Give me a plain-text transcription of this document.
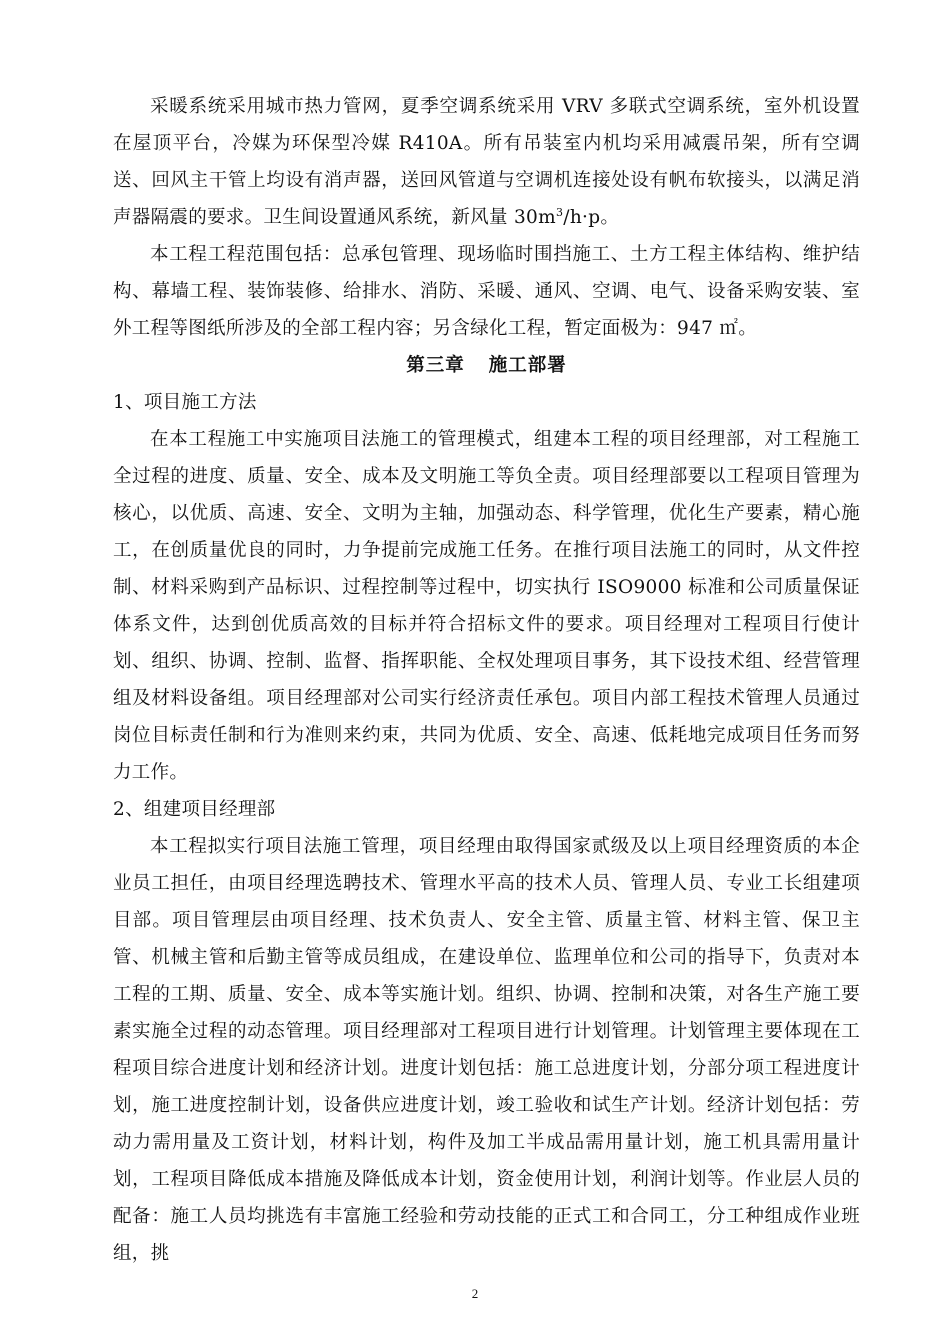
采暖系统采用城市热力管网，夏季空调系统采用 VRV 多联式空调系统，室外机设置在屋顶平台，冷媒为环保型冷媒 R410A。所有吊装室内机均采用减震吊架，所有空调送、回风主干管上均设有消声器，送回风管道与空调机连接处设有帆布软接头，以满足消声器隔震的要求。卫生间设置通风系统，新风量 $30m^3/h\cdot p$。

本工程工程范围包括：总承包管理、现场临时围挡施工、土方工程主体结构、维护结构、幕墙工程、装饰装修、给排水、消防、采暖、通风、空调、电气、设备采购安装、室外工程等图纸所涉及的全部工程内容；另含绿化工程，暂定面极为：947 ㎡。

第三章 施工部署

1、项目施工方法

在本工程施工中实施项目法施工的管理模式，组建本工程的项目经理部，对工程施工全过程的进度、质量、安全、成本及文明施工等负全责。项目经理部要以工程项目管理为核心，以优质、高速、安全、文明为主轴，加强动态、科学管理，优化生产要素，精心施工，在创质量优良的同时，力争提前完成施工任务。在推行项目法施工的同时，从文件控制、材料采购到产品标识、过程控制等过程中，切实执行 ISO9000 标准和公司质量保证体系文件，达到创优质高效的目标并符合招标文件的要求。项目经理对工程项目行使计划、组织、协调、控制、监督、指挥职能、全权处理项目事务，其下设技术组、经营管理组及材料设备组。项目经理部对公司实行经济责任承包。项目内部工程技术管理人员通过岗位目标责任制和行为准则来约束，共同为优质、安全、高速、低耗地完成项目任务而努力工作。

2、组建项目经理部

本工程拟实行项目法施工管理，项目经理由取得国家贰级及以上项目经理资质的本企业员工担任，由项目经理选聘技术、管理水平高的技术人员、管理人员、专业工长组建项目部。项目管理层由项目经理、技术负责人、安全主管、质量主管、材料主管、保卫主管、机械主管和后勤主管等成员组成，在建设单位、监理单位和公司的指导下，负责对本工程的工期、质量、安全、成本等实施计划。组织、协调、控制和决策，对各生产施工要素实施全过程的动态管理。项目经理部对工程项目进行计划管理。计划管理主要体现在工程项目综合进度计划和经济计划。进度计划包括：施工总进度计划，分部分项工程进度计划，施工进度控制计划，设备供应进度计划，竣工验收和试生产计划。经济计划包括：劳动力需用量及工资计划，材料计划，构件及加工半成品需用量计划，施工机具需用量计划，工程项目降低成本措施及降低成本计划，资金使用计划，利润计划等。作业层人员的配备：施工人员均挑选有丰富施工经验和劳动技能的正式工和合同工，分工种组成作业班组，挑

2
